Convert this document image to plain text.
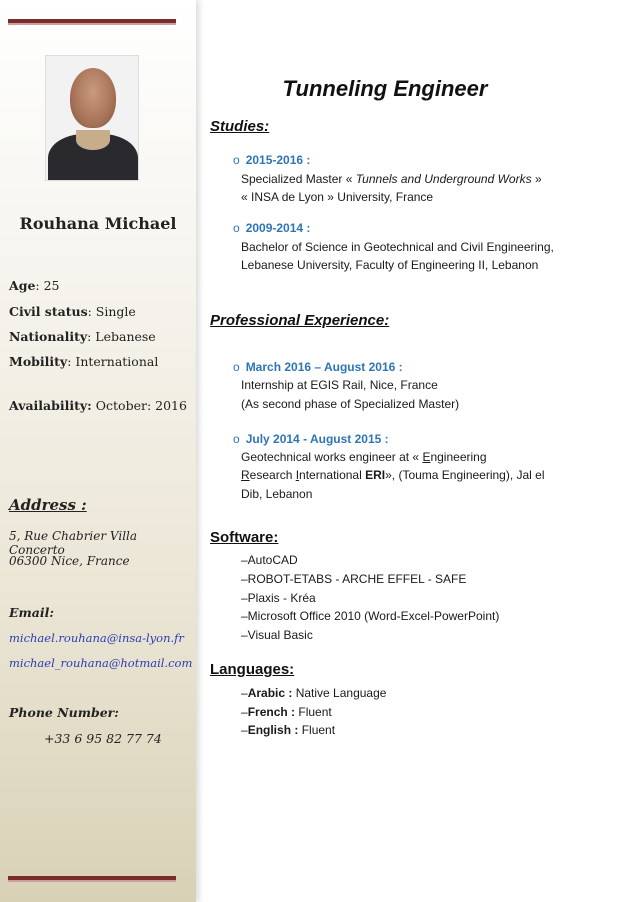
Rouhana Michael
Age: 25
Civil status: Single
Nationality: Lebanese
Mobility: International
Availability: October: 2016
Address :
5, Rue Chabrier Villa Concerto
06300 Nice, France
Email:
michael.rouhana@insa-lyon.fr
michael_rouhana@hotmail.com
Phone Number:
+33 6 95 82 77 74
Tunneling Engineer
Studies:
o 2015-2016 :
Specialized Master « Tunnels and Underground Works »
« INSA de Lyon » University, France
o 2009-2014 :
Bachelor of Science in Geotechnical and Civil Engineering,
Lebanese University, Faculty of Engineering II, Lebanon
Professional Experience:
o March 2016 – August 2016 :
Internship at EGIS Rail, Nice, France
(As second phase of Specialized Master)
o July 2014 - August 2015 :
Geotechnical works engineer at « Engineering
Research International ERI», (Touma Engineering), Jal el
Dib, Lebanon
Software:
–AutoCAD
–ROBOT-ETABS - ARCHE EFFEL - SAFE
–Plaxis - Kréa
–Microsoft Office 2010 (Word-Excel-PowerPoint)
–Visual Basic
Languages:
–Arabic : Native Language
–French : Fluent
–English : Fluent
